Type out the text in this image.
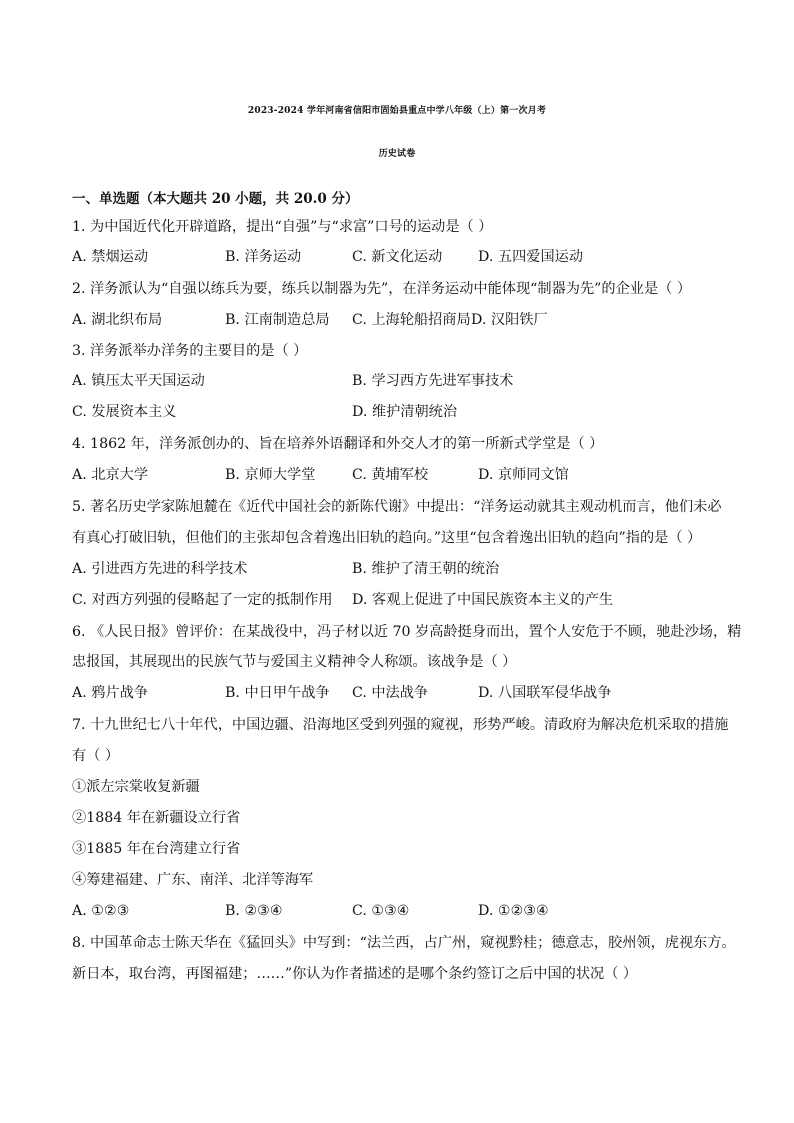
2023-2024 学年河南省信阳市固始县重点中学八年级（上）第一次月考
历史试卷
一、单选题（本大题共 20 小题，共 20.0 分）
1. 为中国近代化开辟道路，提出“自强”与“求富”口号的运动是（ ）
A. 禁烟运动	B. 洋务运动	C. 新文化运动	D. 五四爱国运动
2. 洋务派认为“自强以练兵为要，练兵以制器为先”，在洋务运动中能体现“制器为先”的企业是（ ）
A. 湖北织布局	B. 江南制造总局 C. 上海轮船招商局 D. 汉阳铁厂
3. 洋务派举办洋务的主要目的是（ ）
A. 镇压太平天国运动	B. 学习西方先进军事技术
C. 发展资本主义	D. 维护清朝统治
4. 1862 年，洋务派创办的、旨在培养外语翻译和外交人才的第一所新式学堂是（ ）
A. 北京大学	B. 京师大学堂	C. 黄埔军校	D. 京师同文馆
5. 著名历史学家陈旭麓在《近代中国社会的新陈代谢》中提出：“洋务运动就其主观动机而言，他们未必
有真心打破旧轨，但他们的主张却包含着逸出旧轨的趋向。”这里“包含着逸出旧轨的趋向”指的是（ ）
A. 引进西方先进的科学技术	B. 维护了清王朝的统治
C. 对西方列强的侵略起了一定的抵制作用 D. 客观上促进了中国民族资本主义的产生
6. 《人民日报》曾评价：在某战役中，冯子材以近 70 岁高龄挺身而出，置个人安危于不顾，驰赴沙场，精
忠报国，其展现出的民族气节与爱国主义精神令人称颂。该战争是（ ）
A. 鸦片战争	B. 中日甲午战争 C. 中法战争	D. 八国联军侵华战争
7. 十九世纪七八十年代，中国边疆、沿海地区受到列强的窥视，形势严峻。清政府为解决危机采取的措施
有（ ）
①派左宗棠收复新疆
②1884 年在新疆设立行省
③1885 年在台湾建立行省
④筹建福建、广东、南洋、北洋等海军
A. ①②③	B. ②③④	C. ①③④	D. ①②③④
8. 中国革命志士陈天华在《猛回头》中写到：“法兰西，占广州，窥视黔桂；德意志，胶州领，虎视东方。
新日本，取台湾，再图福建；……”你认为作者描述的是哪个条约签订之后中国的状况（ ）
